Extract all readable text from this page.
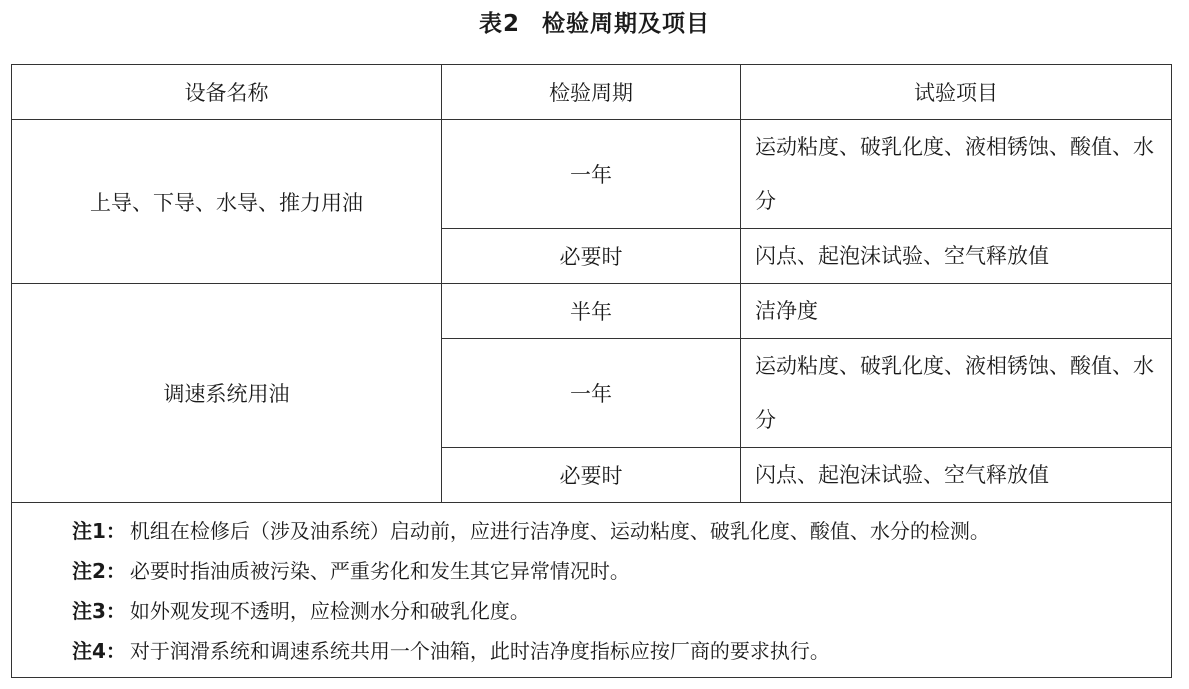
表2 检验周期及项目
设备名称	检验周期	试验项目
上导、下导、水导、推力用油	一年	运动粘度、破乳化度、液相锈蚀、酸值、水分
	必要时	闪点、起泡沫试验、空气释放值
调速系统用油	半年	洁净度
	一年	运动粘度、破乳化度、液相锈蚀、酸值、水分
	必要时	闪点、起泡沫试验、空气释放值

注1： 机组在检修后（涉及油系统）启动前，应进行洁净度、运动粘度、破乳化度、酸值、水分的检测。
注2： 必要时指油质被污染、严重劣化和发生其它异常情况时。
注3： 如外观发现不透明，应检测水分和破乳化度。
注4： 对于润滑系统和调速系统共用一个油箱，此时洁净度指标应按厂商的要求执行。		
